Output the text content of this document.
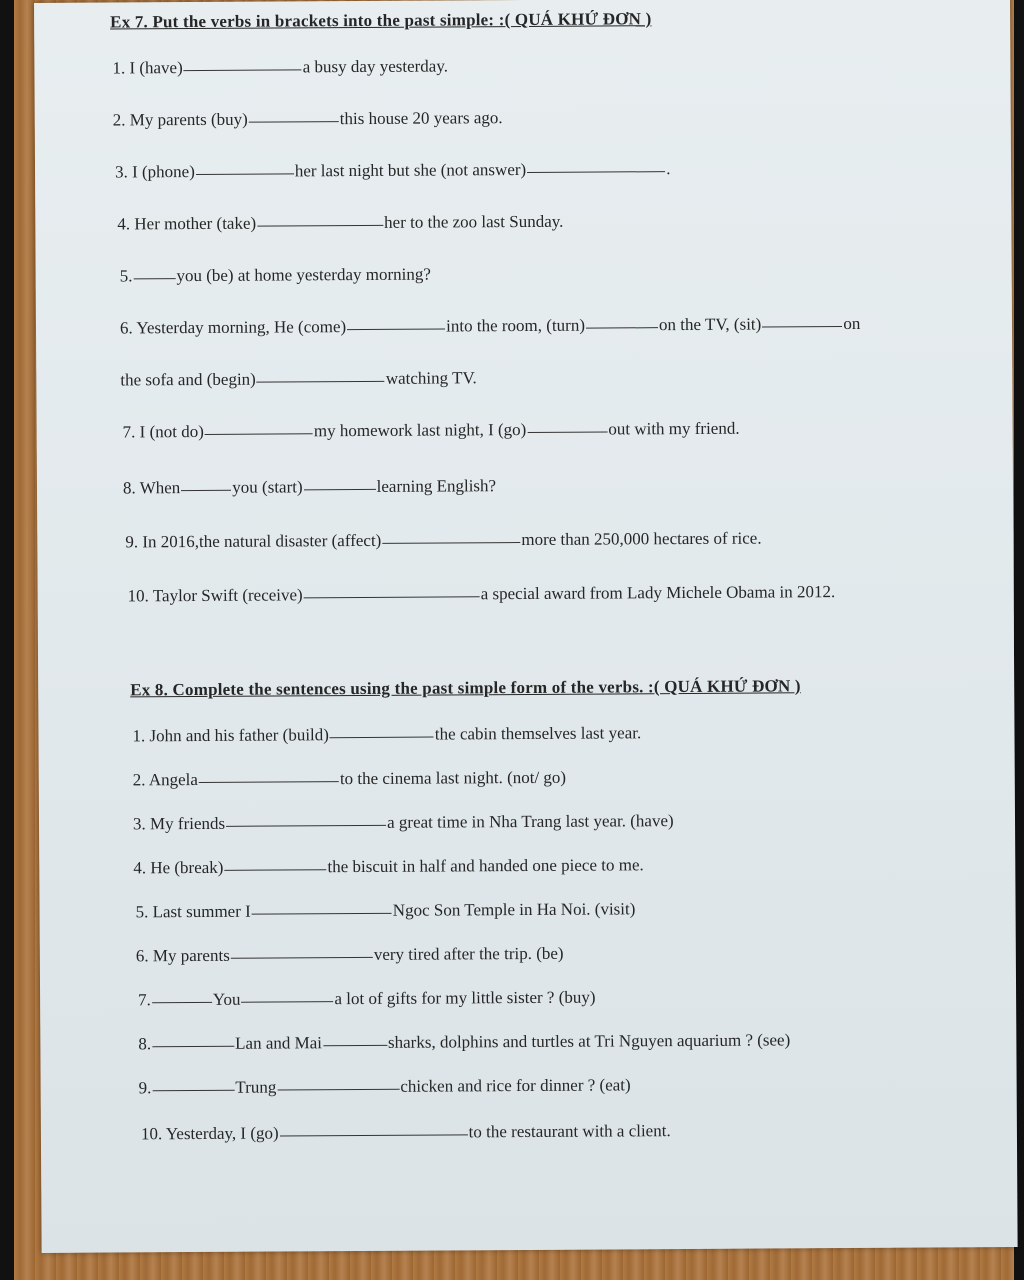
Ex 7. Put the verbs in brackets into the past simple: :( QUÁ KHỨ ĐƠN )
1. I (have)	a busy day yesterday.
2. My parents (buy)	this house 20 years ago.
3. I (phone)	her last night but she (not answer)	.
4. Her mother (take)	her to the zoo last Sunday.
5.	you (be) at home yesterday morning?
6. Yesterday morning, He (come)	into the room, (turn)	on the TV, (sit)	on
the sofa and (begin)	watching TV.
7. I (not do)	my homework last night, I (go)	out with my friend.
8. When	you (start)	learning English?
9. In 2016,the natural disaster (affect)	more than 250,000 hectares of rice.
10. Taylor Swift (receive)	a special award from Lady Michele Obama in 2012.
Ex 8. Complete the sentences using the past simple form of the verbs. :( QUÁ KHỨ ĐƠN )
1. John and his father (build)	the cabin themselves last year.
2. Angela	to the cinema last night. (not/ go)
3. My friends	a great time in Nha Trang last year. (have)
4. He (break)	the biscuit in half and handed one piece to me.
5. Last summer I	Ngoc Son Temple in Ha Noi. (visit)
6. My parents	very tired after the trip. (be)
7.	You	a lot of gifts for my little sister ? (buy)
8.	Lan and Mai	sharks, dolphins and turtles at Tri Nguyen aquarium ? (see)
9.	Trung	chicken and rice for dinner ? (eat)
10. Yesterday, I (go)	to the restaurant with a client.
